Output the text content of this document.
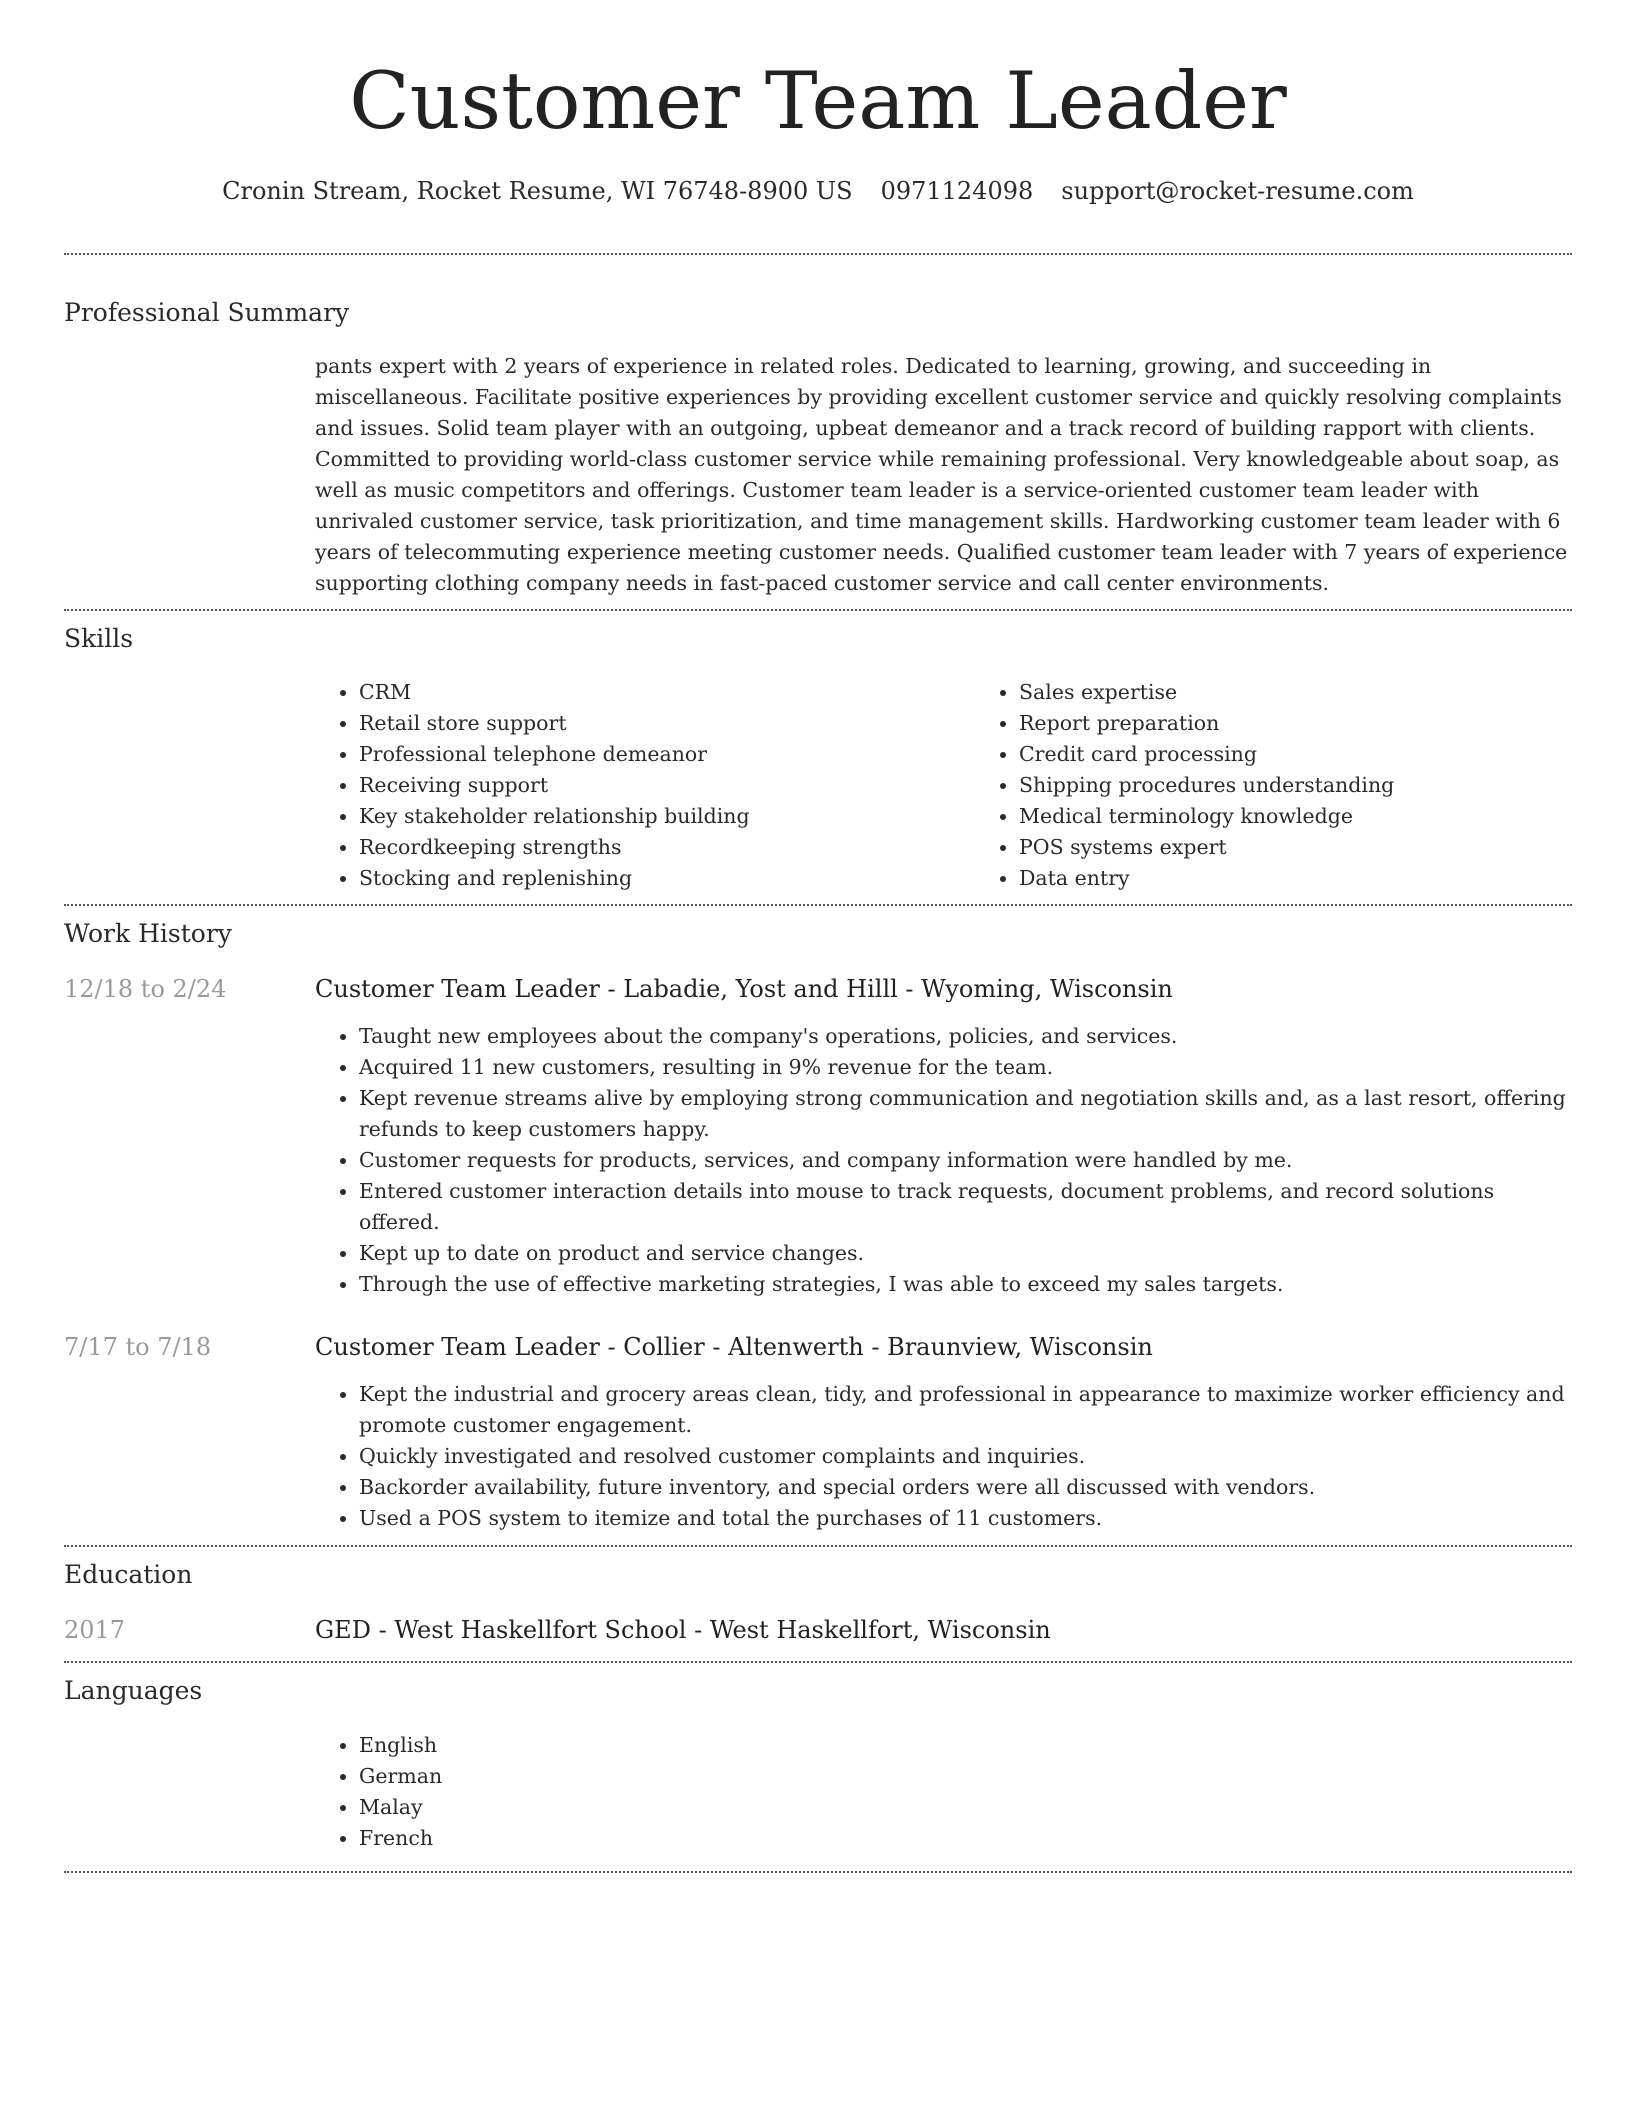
Customer Team Leader
Cronin Stream, Rocket Resume, WI 76748-8900 US 0971124098 support@rocket-resume.com
Professional Summary

pants expert with 2 years of experience in related roles. Dedicated to learning, growing, and succeeding in miscellaneous. Facilitate positive experiences by providing excellent customer service and quickly resolving complaints and issues. Solid team player with an outgoing, upbeat demeanor and a track record of building rapport with clients. Committed to providing world-class customer service while remaining professional. Very knowledgeable about soap, as well as music competitors and offerings. Customer team leader is a service-oriented customer team leader with unrivaled customer service, task prioritization, and time management skills. Hardworking customer team leader with 6 years of telecommuting experience meeting customer needs. Qualified customer team leader with 7 years of experience supporting clothing company needs in fast-paced customer service and call center environments.

Skills
• CRM
• Retail store support
• Professional telephone demeanor
• Receiving support
• Key stakeholder relationship building
• Recordkeeping strengths
• Stocking and replenishing
• Sales expertise
• Report preparation
• Credit card processing
• Shipping procedures understanding
• Medical terminology knowledge
• POS systems expert
• Data entry
Work History
12/18 to 2/24	Customer Team Leader - Labadie, Yost and Hilll - Wyoming, Wisconsin
• Taught new employees about the company's operations, policies, and services.
• Acquired 11 new customers, resulting in 9% revenue for the team.
• Kept revenue streams alive by employing strong communication and negotiation skills and, as a last resort, offering refunds to keep customers happy.
• Customer requests for products, services, and company information were handled by me.
• Entered customer interaction details into mouse to track requests, document problems, and record solutions offered.
• Kept up to date on product and service changes.
• Through the use of effective marketing strategies, I was able to exceed my sales targets.
7/17 to 7/18	Customer Team Leader - Collier - Altenwerth - Braunview, Wisconsin
• Kept the industrial and grocery areas clean, tidy, and professional in appearance to maximize worker efficiency and promote customer engagement.
• Quickly investigated and resolved customer complaints and inquiries.
• Backorder availability, future inventory, and special orders were all discussed with vendors.
• Used a POS system to itemize and total the purchases of 11 customers.
Education
2017	GED - West Haskellfort School - West Haskellfort, Wisconsin
Languages
• English
• German
• Malay
• French
